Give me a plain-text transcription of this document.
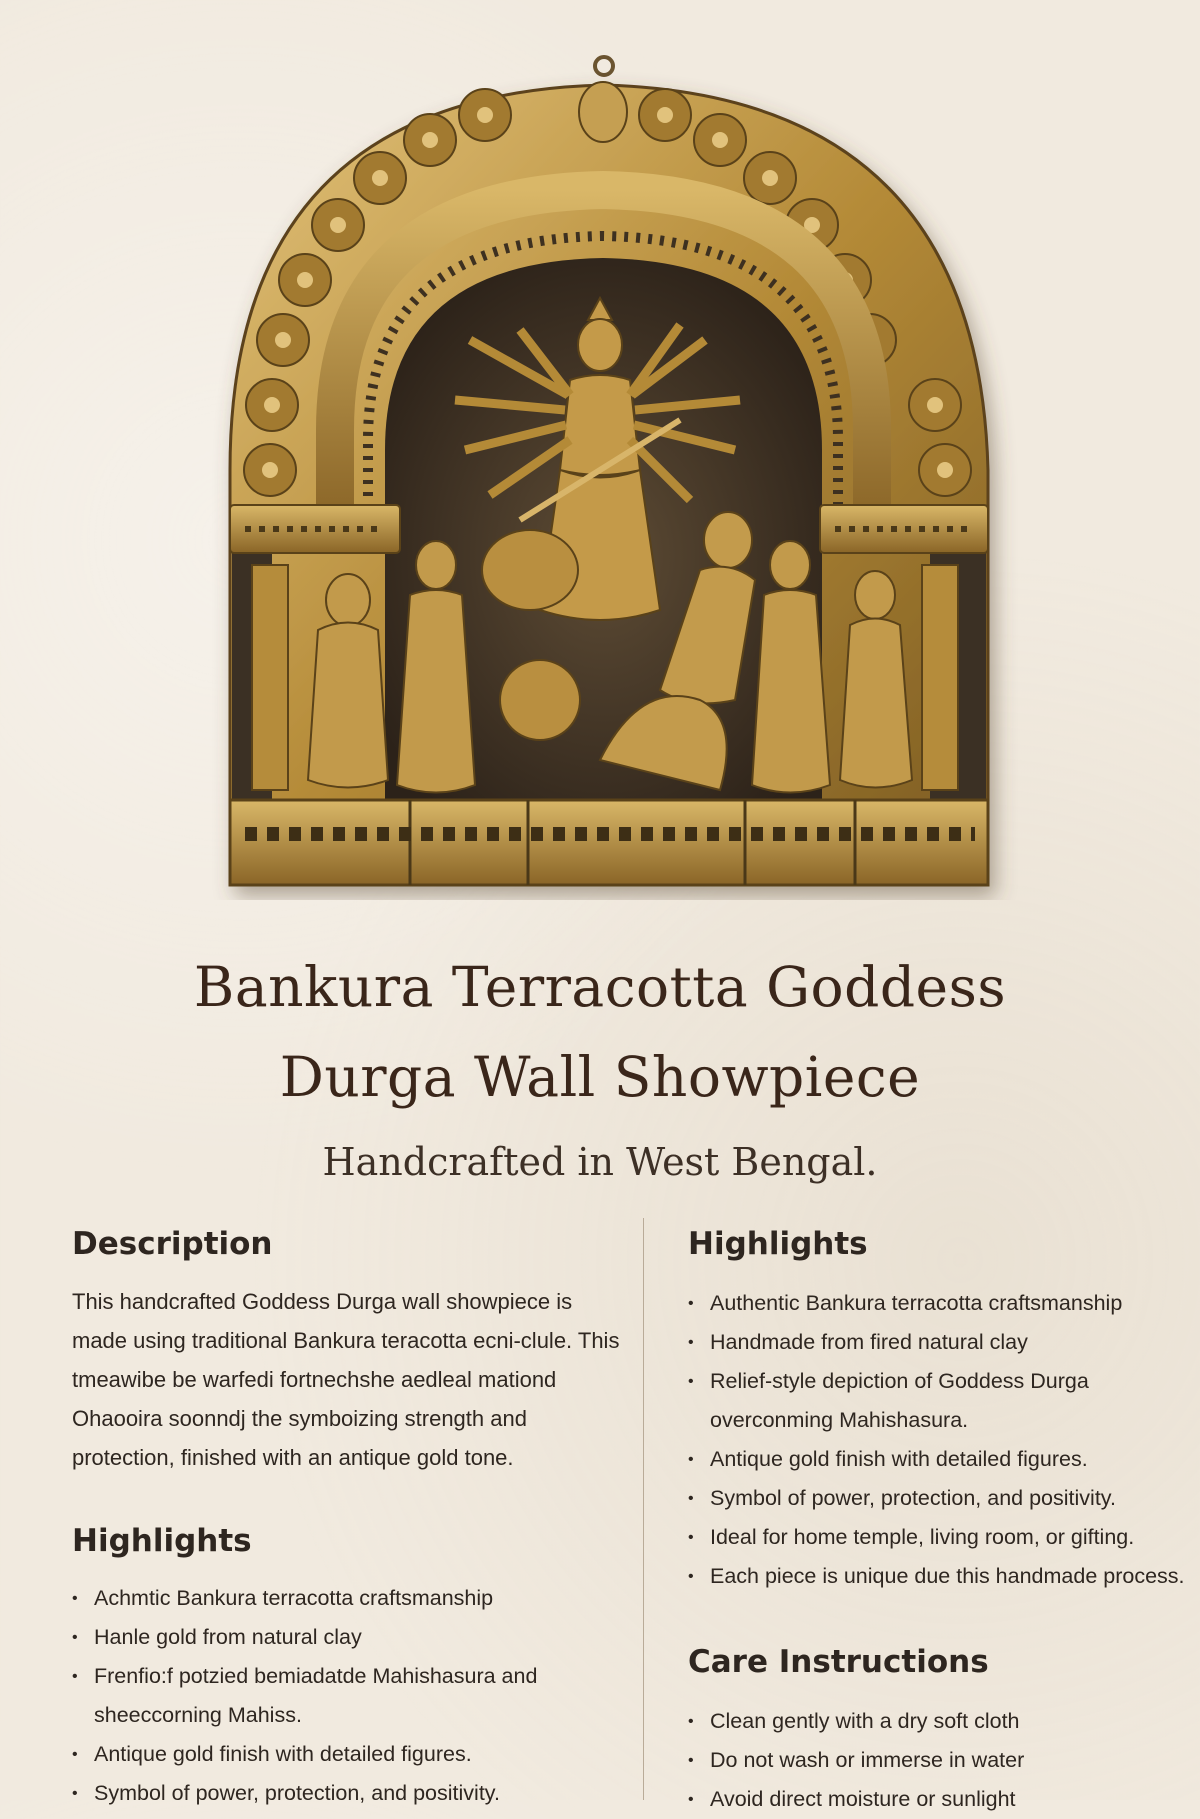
Bankura Terracotta Goddess
Durga Wall Showpiece
Handcrafted in West Bengal.
Description

This handcrafted Goddess Durga wall showpiece is made using traditional Bankura teracotta ecni-clule. This tmeawibe be warfedi fortnechshe aedleal mationd Ohaooira soonndj the symboizing strength and protection, finished with an antique gold tone.

Highlights
• Achmtic Bankura terracotta craftsmanship
• Hanle gold from natural clay
• Frenfio:f potzied bemiadatde Mahishasura and sheeccorning Mahiss.
• Antique gold finish with detailed figures.
• Symbol of power, protection, and positivity.
Highlights
• Authentic Bankura terracotta craftsmanship
• Handmade from fired natural clay
• Relief-style depiction of Goddess Durga overconming Mahishasura.
• Antique gold finish with detailed figures.
• Symbol of power, protection, and positivity.
• Ideal for home temple, living room, or gifting.
• Each piece is unique due this handmade process.
Care Instructions
• Clean gently with a dry soft cloth
• Do not wash or immerse in water
• Avoid direct moisture or sunlight
